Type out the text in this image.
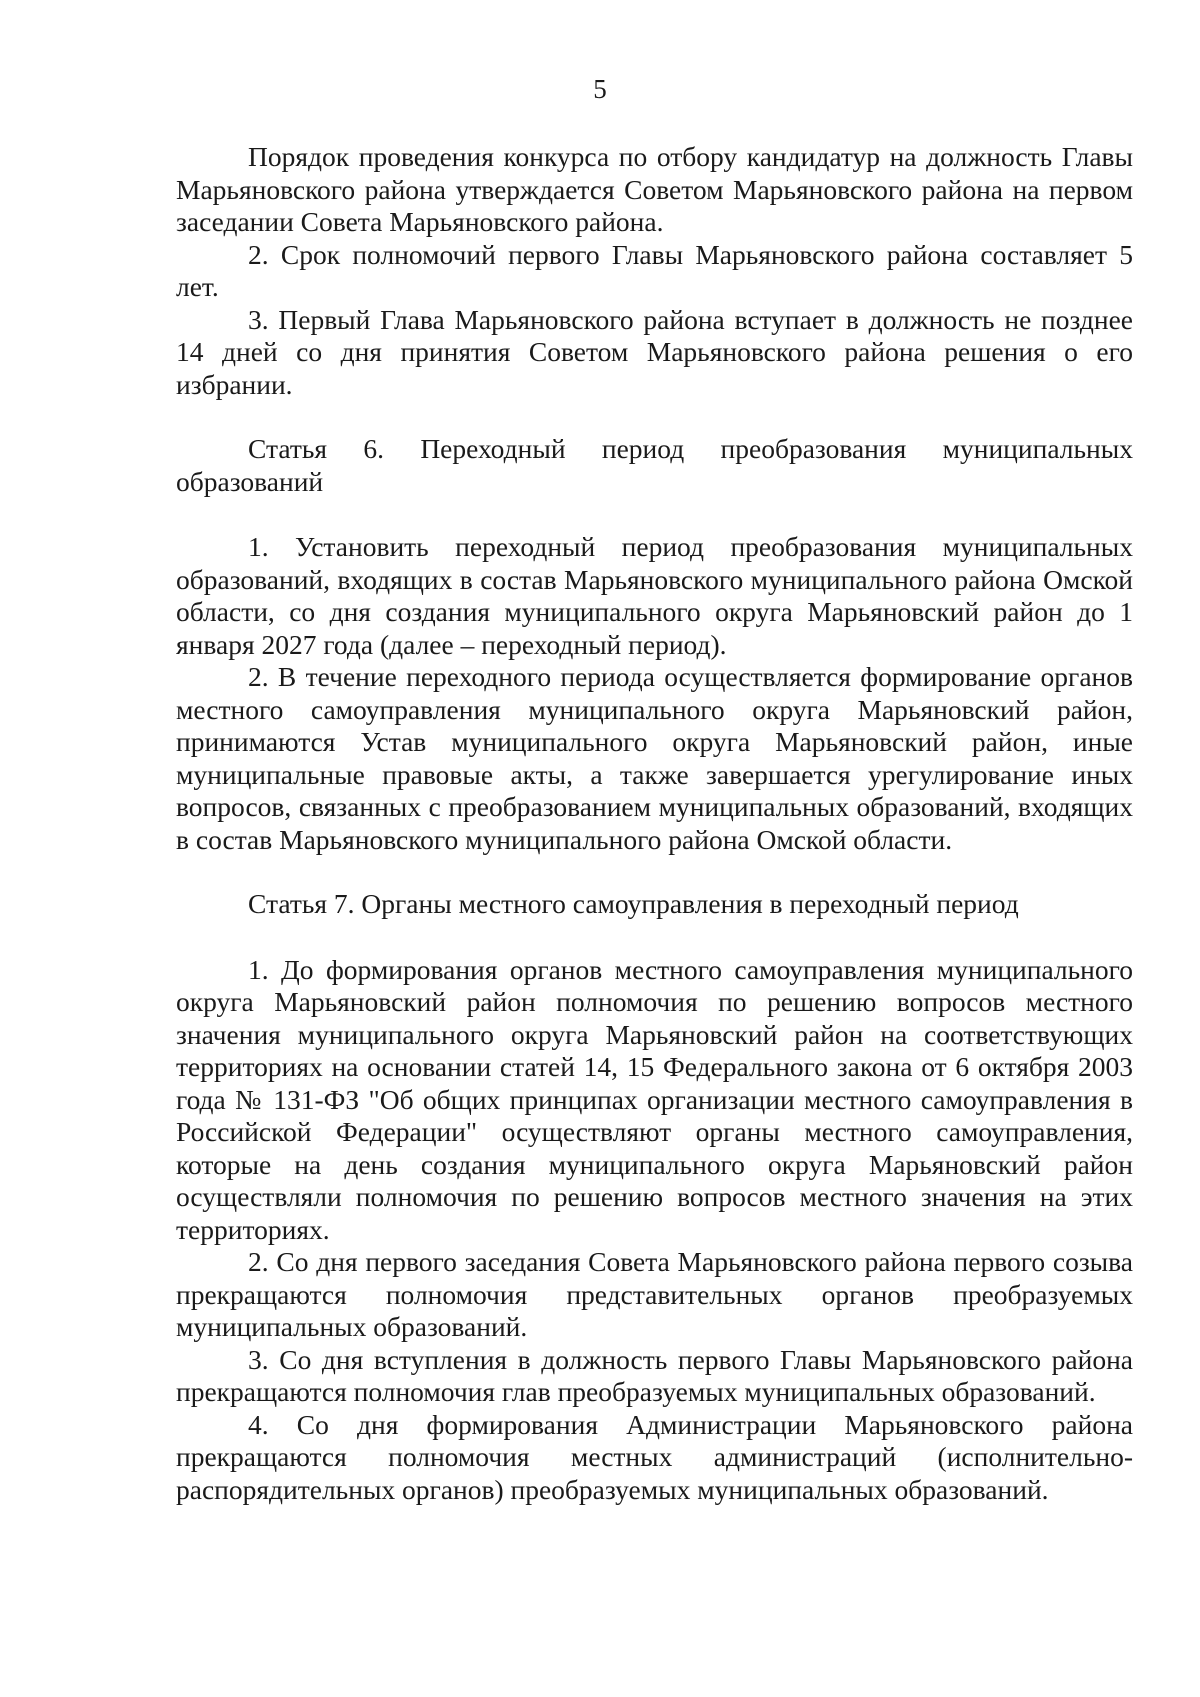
5

Порядок проведения конкурса по отбору кандидатур на должность Главы Марьяновского района утверждается Советом Марьяновского района на первом заседании Совета Марьяновского района.

2. Срок полномочий первого Главы Марьяновского района составляет 5 лет.

3. Первый Глава Марьяновского района вступает в должность не позднее 14 дней со дня принятия Советом Марьяновского района решения о его избрании.

Статья 6. Переходный период преобразования муниципальных образований

1. Установить переходный период преобразования муниципальных образований, входящих в состав Марьяновского муниципального района Омской области, со дня создания муниципального округа Марьяновский район до 1 января 2027 года (далее – переходный период).

2. В течение переходного периода осуществляется формирование органов местного самоуправления муниципального округа Марьяновский район, принимаются Устав муниципального округа Марьяновский район, иные муниципальные правовые акты, а также завершается урегулирование иных вопросов, связанных с преобразованием муниципальных образований, входящих в состав Марьяновского муниципального района Омской области.

Статья 7. Органы местного самоуправления в переходный период

1. До формирования органов местного самоуправления муниципального округа Марьяновский район полномочия по решению вопросов местного значения муниципального округа Марьяновский район на соответствующих территориях на основании статей 14, 15 Федерального закона от 6 октября 2003 года № 131-ФЗ "Об общих принципах организации местного самоуправления в Российской Федерации" осуществляют органы местного самоуправления, которые на день создания муниципального округа Марьяновский район осуществляли полномочия по решению вопросов местного значения на этих территориях.

2. Со дня первого заседания Совета Марьяновского района первого созыва прекращаются полномочия представительных органов преобразуемых муниципальных образований.

3. Со дня вступления в должность первого Главы Марьяновского района прекращаются полномочия глав преобразуемых муниципальных образований.

4. Со дня формирования Администрации Марьяновского района прекращаются полномочия местных администраций (исполнительно-распорядительных органов) преобразуемых муниципальных образований.
